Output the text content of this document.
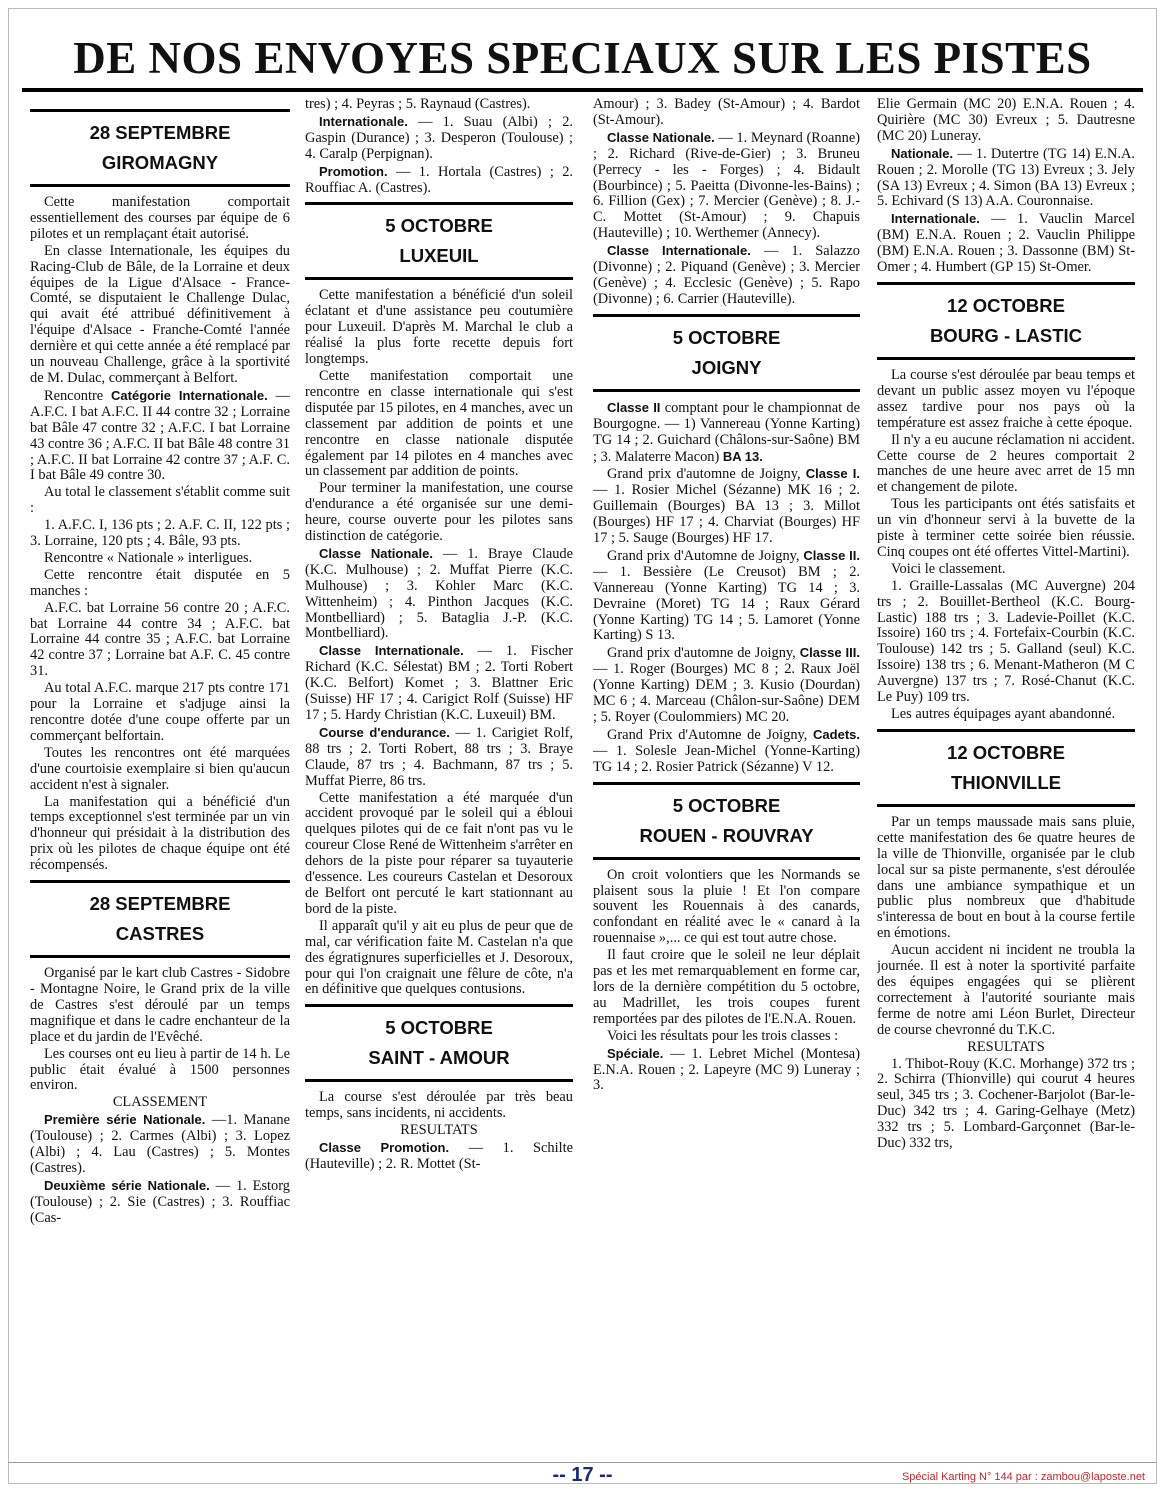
DE NOS ENVOYES SPECIAUX SUR LES PISTES
28 SEPTEMBRE
GIROMAGNY

Cette manifestation comportait essentiellement des courses par équipe de 6 pilotes et un remplaçant était autorisé.

En classe Internationale, les équipes du Racing-Club de Bâle, de la Lorraine et deux équipes de la Ligue d'Alsace - France-Comté, se disputaient le Challenge Dulac, qui avait été attribué définitivement à l'équipe d'Alsace - Franche-Comté l'année dernière et qui cette année a été remplacé par un nouveau Challenge, grâce à la sportivité de M. Dulac, commerçant à Belfort.

Rencontre Catégorie Internationale. — A.F.C. I bat A.F.C. II 44 contre 32 ; Lorraine bat Bâle 47 contre 32 ; A.F.C. I bat Lorraine 43 contre 36 ; A.F.C. II bat Bâle 48 contre 31 ; A.F.C. II bat Lorraine 42 contre 37 ; A.F. C. I bat Bâle 49 contre 30.

Au total le classement s'établit comme suit :

1. A.F.C. I, 136 pts ; 2. A.F. C. II, 122 pts ; 3. Lorraine, 120 pts ; 4. Bâle, 93 pts.

Rencontre « Nationale » interligues.

Cette rencontre était disputée en 5 manches :

A.F.C. bat Lorraine 56 contre 20 ; A.F.C. bat Lorraine 44 contre 34 ; A.F.C. bat Lorraine 44 contre 35 ; A.F.C. bat Lorraine 42 contre 37 ; Lorraine bat A.F. C. 45 contre 31.

Au total A.F.C. marque 217 pts contre 171 pour la Lorraine et s'adjuge ainsi la rencontre dotée d'une coupe offerte par un commerçant belfortain.

Toutes les rencontres ont été marquées d'une courtoisie exemplaire si bien qu'aucun accident n'est à signaler.

La manifestation qui a bénéficié d'un temps exceptionnel s'est terminée par un vin d'honneur qui présidait à la distribution des prix où les pilotes de chaque équipe ont été récompensés.

28 SEPTEMBRE
CASTRES

Organisé par le kart club Castres - Sidobre - Montagne Noire, le Grand prix de la ville de Castres s'est déroulé par un temps magnifique et dans le cadre enchanteur de la place et du jardin de l'Evêché.

Les courses ont eu lieu à partir de 14 h. Le public était évalué à 1500 personnes environ.

CLASSEMENT

Première série Nationale. —1. Manane (Toulouse) ; 2. Carmes (Albi) ; 3. Lopez (Albi) ; 4. Lau (Castres) ; 5. Montes (Castres).

Deuxième série Nationale. — 1. Estorg (Toulouse) ; 2. Sie (Castres) ; 3. Rouffiac (Cas-

tres) ; 4. Peyras ; 5. Raynaud (Castres).

Internationale. — 1. Suau (Albi) ; 2. Gaspin (Durance) ; 3. Desperon (Toulouse) ; 4. Caralp (Perpignan).

Promotion. — 1. Hortala (Castres) ; 2. Rouffiac A. (Castres).

5 OCTOBRE
LUXEUIL

Cette manifestation a bénéficié d'un soleil éclatant et d'une assistance peu coutumière pour Luxeuil. D'après M. Marchal le club a réalisé la plus forte recette depuis fort longtemps.

Cette manifestation comportait une rencontre en classe internationale qui s'est disputée par 15 pilotes, en 4 manches, avec un classement par addition de points et une rencontre en classe nationale disputée également par 14 pilotes en 4 manches avec un classement par addition de points.

Pour terminer la manifestation, une course d'endurance a été organisée sur une demi-heure, course ouverte pour les pilotes sans distinction de catégorie.

Classe Nationale. — 1. Braye Claude (K.C. Mulhouse) ; 2. Muffat Pierre (K.C. Mulhouse) ; 3. Kohler Marc (K.C. Wittenheim) ; 4. Pinthon Jacques (K.C. Montbelliard) ; 5. Bataglia J.-P. (K.C. Montbelliard).

Classe Internationale. — 1. Fischer Richard (K.C. Sélestat) BM ; 2. Torti Robert (K.C. Belfort) Komet ; 3. Blattner Eric (Suisse) HF 17 ; 4. Carigict Rolf (Suisse) HF 17 ; 5. Hardy Christian (K.C. Luxeuil) BM.

Course d'endurance. — 1. Carigiet Rolf, 88 trs ; 2. Torti Robert, 88 trs ; 3. Braye Claude, 87 trs ; 4. Bachmann, 87 trs ; 5. Muffat Pierre, 86 trs.

Cette manifestation a été marquée d'un accident provoqué par le soleil qui a ébloui quelques pilotes qui de ce fait n'ont pas vu le coureur Close René de Wittenheim s'arrêter en dehors de la piste pour réparer sa tuyauterie d'essence. Les coureurs Castelan et Desoroux de Belfort ont percuté le kart stationnant au bord de la piste.

Il apparaît qu'il y ait eu plus de peur que de mal, car vérification faite M. Castelan n'a que des égratignures superficielles et J. Desoroux, pour qui l'on craignait une fêlure de côte, n'a en définitive que quelques contusions.

5 OCTOBRE
SAINT - AMOUR

La course s'est déroulée par très beau temps, sans incidents, ni accidents.

RESULTATS

Classe Promotion. — 1. Schilte (Hauteville) ; 2. R. Mottet (St-

Amour) ; 3. Badey (St-Amour) ; 4. Bardot (St-Amour).

Classe Nationale. — 1. Meynard (Roanne) ; 2. Richard (Rive-de-Gier) ; 3. Bruneu (Perrecy - les - Forges) ; 4. Bidault (Bourbince) ; 5. Paeitta (Divonne-les-Bains) ; 6. Fillion (Gex) ; 7. Mercier (Genève) ; 8. J.-C. Mottet (St-Amour) ; 9. Chapuis (Hauteville) ; 10. Werthemer (Annecy).

Classe Internationale. — 1. Salazzo (Divonne) ; 2. Piquand (Genève) ; 3. Mercier (Genève) ; 4. Ecclesic (Genève) ; 5. Rapo (Divonne) ; 6. Carrier (Hauteville).

5 OCTOBRE
JOIGNY

Classe II comptant pour le championnat de Bourgogne. — 1) Vannereau (Yonne Karting) TG 14 ; 2. Guichard (Châlons-sur-Saône) BM ; 3. Malaterre Macon) BA 13.

Grand prix d'automne de Joigny, Classe I. — 1. Rosier Michel (Sézanne) MK 16 ; 2. Guillemain (Bourges) BA 13 ; 3. Millot (Bourges) HF 17 ; 4. Charviat (Bourges) HF 17 ; 5. Sauge (Bourges) HF 17.

Grand prix d'Automne de Joigny, Classe II. — 1. Bessière (Le Creusot) BM ; 2. Vannereau (Yonne Karting) TG 14 ; 3. Devraine (Moret) TG 14 ; Raux Gérard (Yonne Karting) TG 14 ; 5. Lamoret (Yonne Karting) S 13.

Grand prix d'automne de Joigny, Classe III. — 1. Roger (Bourges) MC 8 ; 2. Raux Joël (Yonne Karting) DEM ; 3. Kusio (Dourdan) MC 6 ; 4. Marceau (Châlon-sur-Saône) DEM ; 5. Royer (Coulommiers) MC 20.

Grand Prix d'Automne de Joigny, Cadets. — 1. Solesle Jean-Michel (Yonne-Karting) TG 14 ; 2. Rosier Patrick (Sézanne) V 12.

5 OCTOBRE
ROUEN - ROUVRAY

On croit volontiers que les Normands se plaisent sous la pluie ! Et l'on compare souvent les Rouennais à des canards, confondant en réalité avec le « canard à la rouennaise »,... ce qui est tout autre chose.

Il faut croire que le soleil ne leur déplait pas et les met remarquablement en forme car, lors de la dernière compétition du 5 octobre, au Madrillet, les trois coupes furent remportées par des pilotes de l'E.N.A. Rouen.

Voici les résultats pour les trois classes :

Spéciale. — 1. Lebret Michel (Montesa) E.N.A. Rouen ; 2. Lapeyre (MC 9) Luneray ; 3.

Elie Germain (MC 20) E.N.A. Rouen ; 4. Quirière (MC 30) Evreux ; 5. Dautresne (MC 20) Luneray.

Nationale. — 1. Dutertre (TG 14) E.N.A. Rouen ; 2. Morolle (TG 13) Evreux ; 3. Jely (SA 13) Evreux ; 4. Simon (BA 13) Evreux ; 5. Echivard (S 13) A.A. Couronnaise.

Internationale. — 1. Vauclin Marcel (BM) E.N.A. Rouen ; 2. Vauclin Philippe (BM) E.N.A. Rouen ; 3. Dassonne (BM) St-Omer ; 4. Humbert (GP 15) St-Omer.

12 OCTOBRE
BOURG - LASTIC

La course s'est déroulée par beau temps et devant un public assez moyen vu l'époque assez tardive pour nos pays où la température est assez fraiche à cette époque.

Il n'y a eu aucune réclamation ni accident. Cette course de 2 heures comportait 2 manches de une heure avec arret de 15 mn et changement de pilote.

Tous les participants ont étés satisfaits et un vin d'honneur servi à la buvette de la piste à terminer cette soirée bien réussie. Cinq coupes ont été offertes Vittel-Martini).

Voici le classement.

1. Graille-Lassalas (MC Auvergne) 204 trs ; 2. Bouillet-Bertheol (K.C. Bourg-Lastic) 188 trs ; 3. Ladevie-Poillet (K.C. Issoire) 160 trs ; 4. Fortefaix-Courbin (K.C. Toulouse) 142 trs ; 5. Galland (seul) K.C. Issoire) 138 trs ; 6. Menant-Matheron (M C Auvergne) 137 trs ; 7. Rosé-Chanut (K.C. Le Puy) 109 trs.

Les autres équipages ayant abandonné.

12 OCTOBRE
THIONVILLE

Par un temps maussade mais sans pluie, cette manifestation des 6e quatre heures de la ville de Thionville, organisée par le club local sur sa piste permanente, s'est déroulée dans une ambiance sympathique et un public plus nombreux que d'habitude s'interessa de bout en bout à la course fertile en émotions.

Aucun accident ni incident ne troubla la journée. Il est à noter la sportivité parfaite des équipes engagées qui se plièrent correctement à l'autorité souriante mais ferme de notre ami Léon Burlet, Directeur de course chevronné du T.K.C.

RESULTATS

1. Thibot-Rouy (K.C. Morhange) 372 trs ; 2. Schirra (Thionville) qui courut 4 heures seul, 345 trs ; 3. Cochener-Barjolot (Bar-le-Duc) 342 trs ; 4. Garing-Gelhaye (Metz) 332 trs ; 5. Lombard-Garçonnet (Bar-le-Duc) 332 trs,

-- 17 --	Spécial Karting N° 144 par : zambou@laposte.net
